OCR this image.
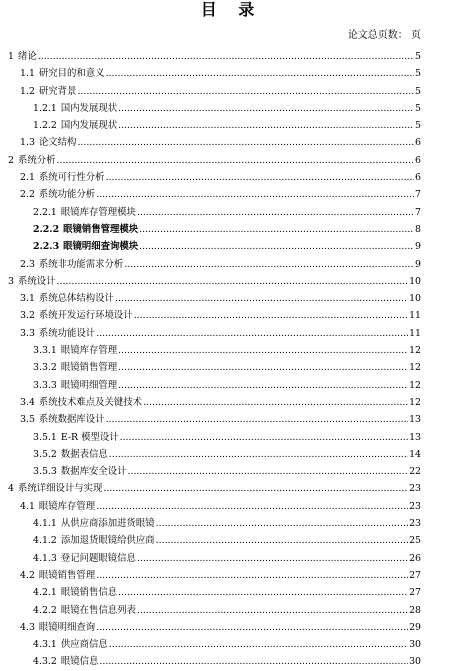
目 录
论文总页数： 页
1 绪论 .....	5
1.1 研究目的和意义 .....	5
1.2 研究背景 .....	5
1.2.1 国内发展现状 .....	5
1.2.2 国内发展现状 .....	5
1.3 论文结构 .....	6
2 系统分析 .....	6
2.1 系统可行性分析 .....	6
2.2 系统功能分析 .....	7
2.2.1 眼镜库存管理模块 .....	7
2.2.2 眼镜销售管理模块 .....	8
2.2.3 眼镜明细查询模块 .....	9
2.3 系统非功能需求分析 .....	9
3 系统设计 .....	10
3.1 系统总体结构设计 .....	10
3.2 系统开发运行环境设计 .....	11
3.3 系统功能设计 .....	11
3.3.1 眼镜库存管理 .....	12
3.3.2 眼镜销售管理 .....	12
3.3.3 眼镜明细管理 .....	12
3.4 系统技术难点及关键技术 .....	12
3.5 系统数据库设计 .....	13
3.5.1 E-R 模型设计 .....	13
3.5.2 数据表信息 .....	14
3.5.3 数据库安全设计 .....	22
4 系统详细设计与实现 .....	23
4.1 眼镜库存管理 .....	23
4.1.1 从供应商添加进货眼镜 .....	23
4.1.2 添加退货眼镜给供应商 .....	25
4.1.3 登记问题眼镜信息 .....	26
4.2 眼镜销售管理 .....	27
4.2.1 眼镜销售信息 .....	27
4.2.2 眼镜在售信息列表 .....	28
4.3 眼镜明细查询 .....	29
4.3.1 供应商信息 .....	30
4.3.2 眼镜信息 .....	30
